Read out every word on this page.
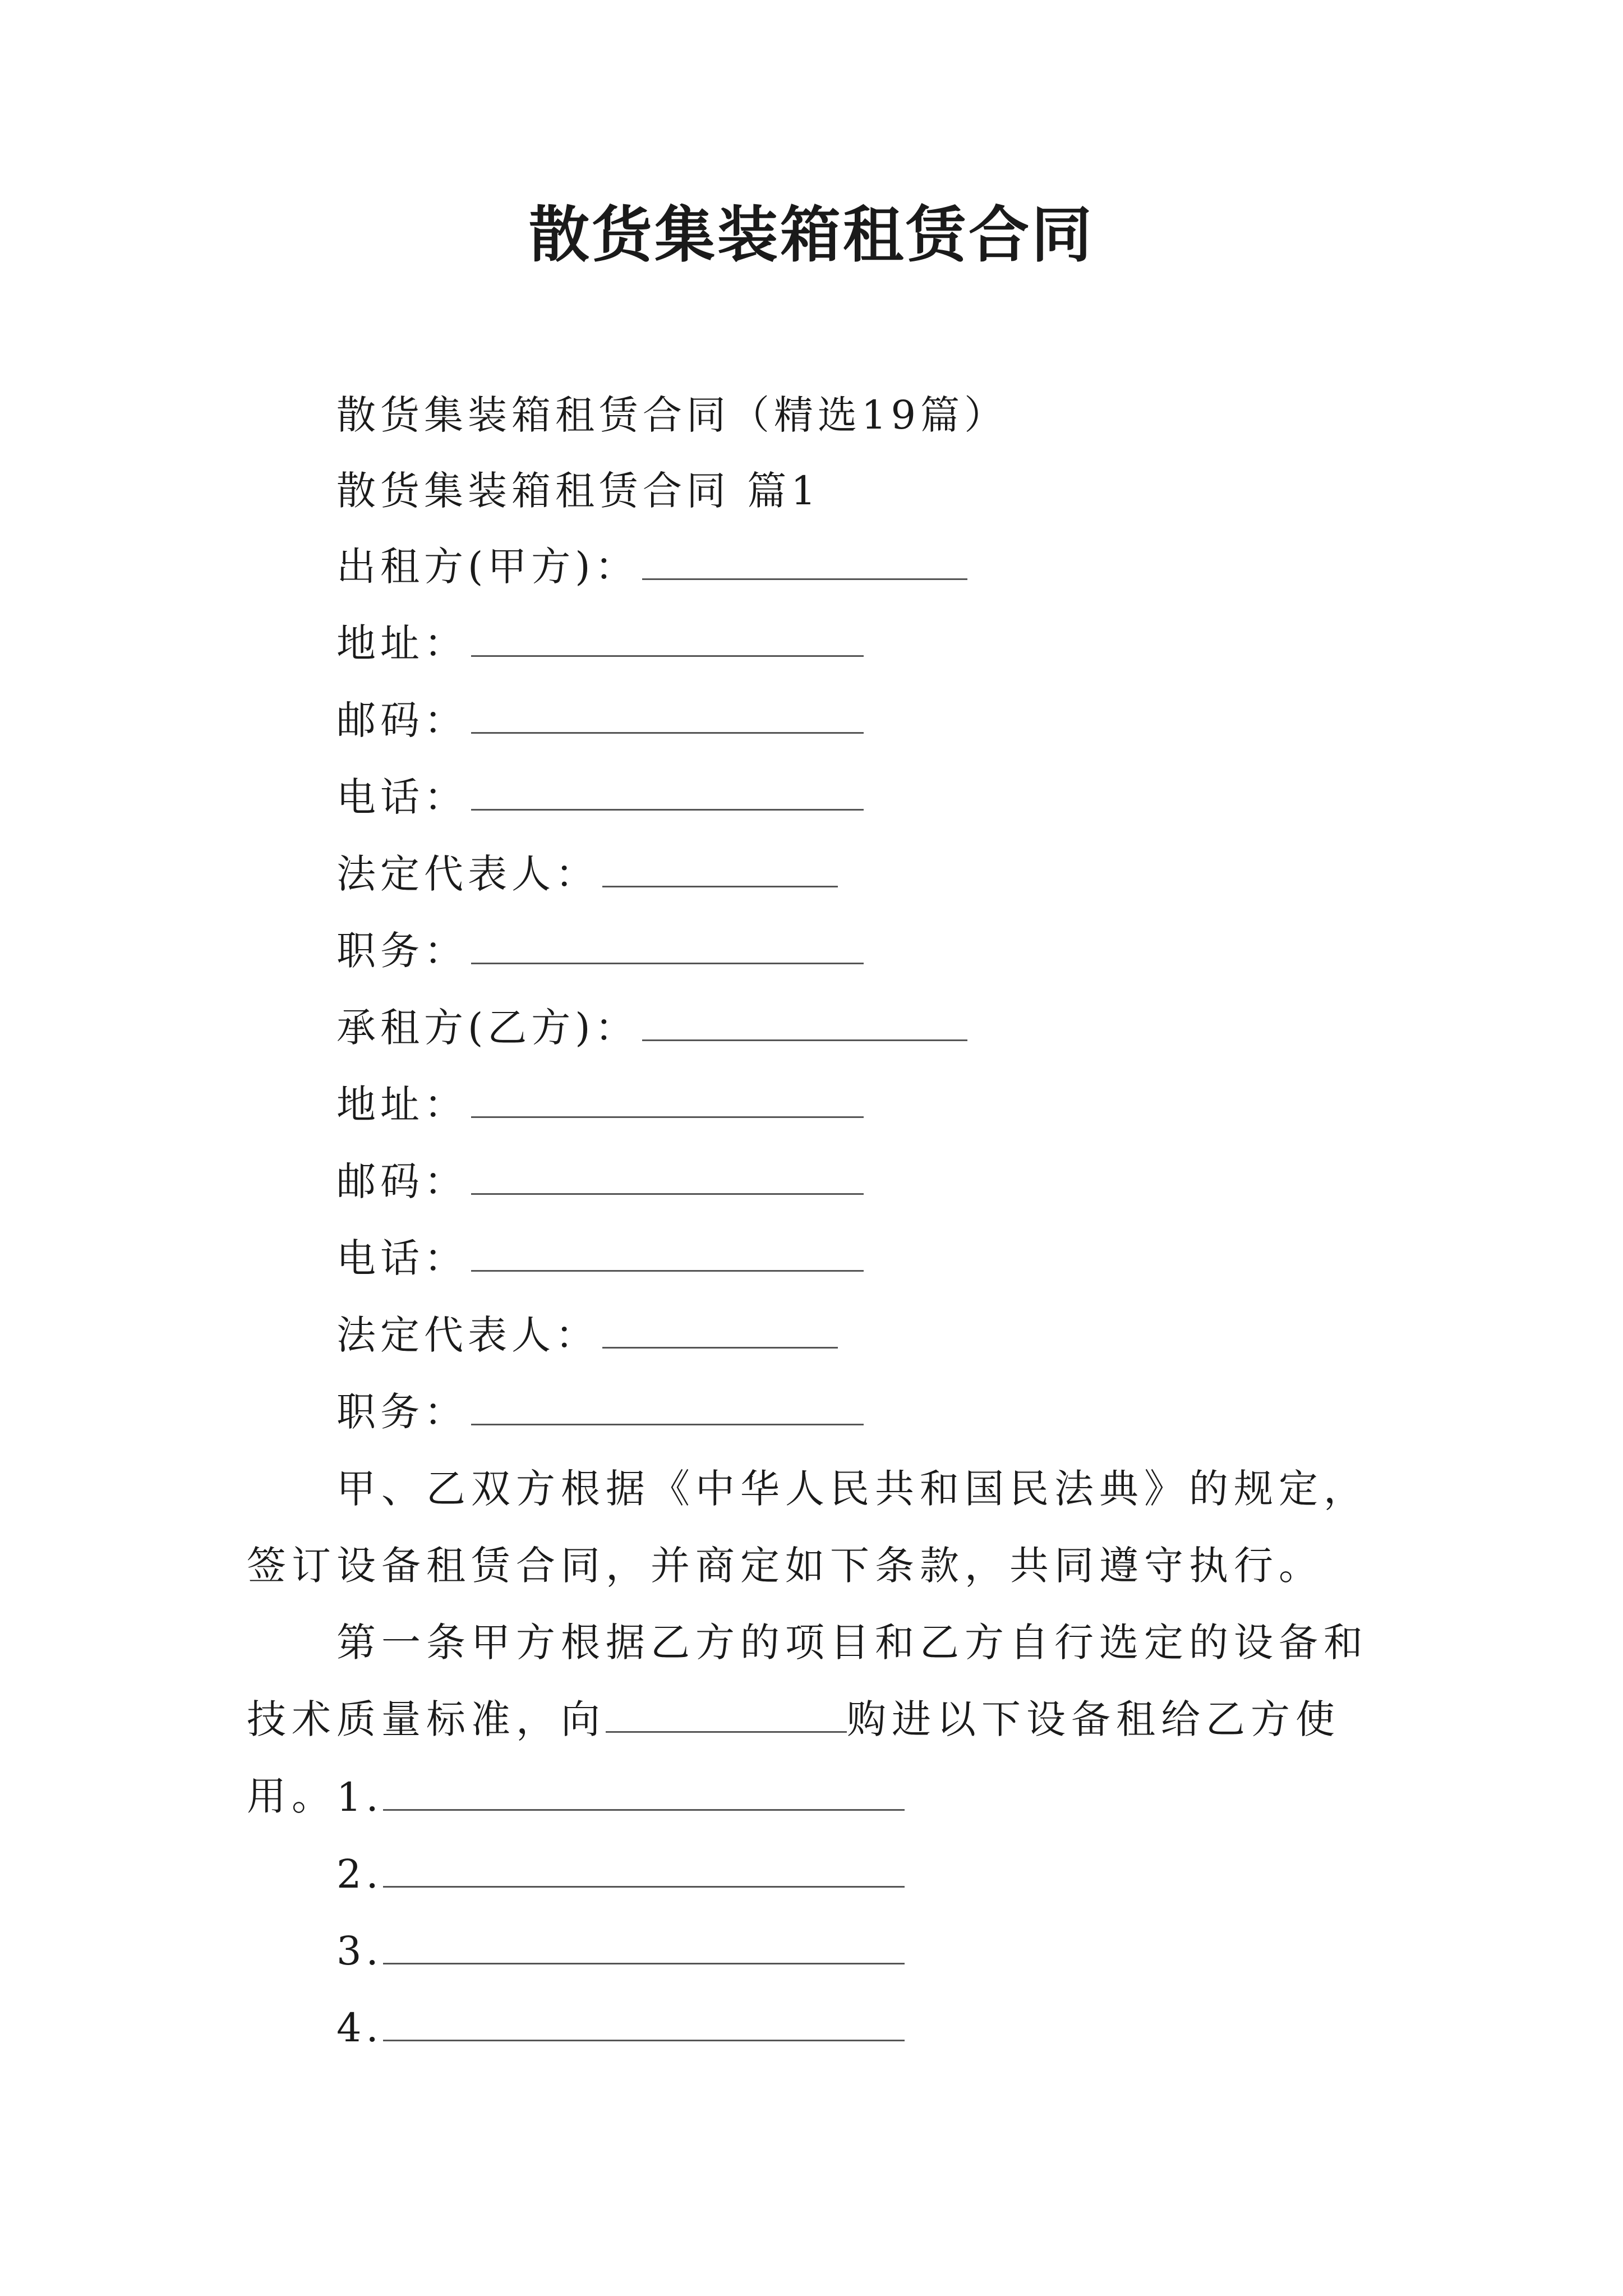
散货集装箱租赁合同
散货集装箱租赁合同（精选19篇）
散货集装箱租赁合同 篇1
出租方(甲方)：
地址：
邮码：
电话：
法定代表人：
职务：
承租方(乙方)：
地址：
邮码：
电话：
法定代表人：
职务：
甲、乙双方根据《中华人民共和国民法典》的规定，签订设备租赁合同，并商定如下条款，共同遵守执行。
第一条甲方根据乙方的项目和乙方自行选定的设备和技术质量标准，向	购进以下设备租给乙方使用。 1.
2.
3.
4.
